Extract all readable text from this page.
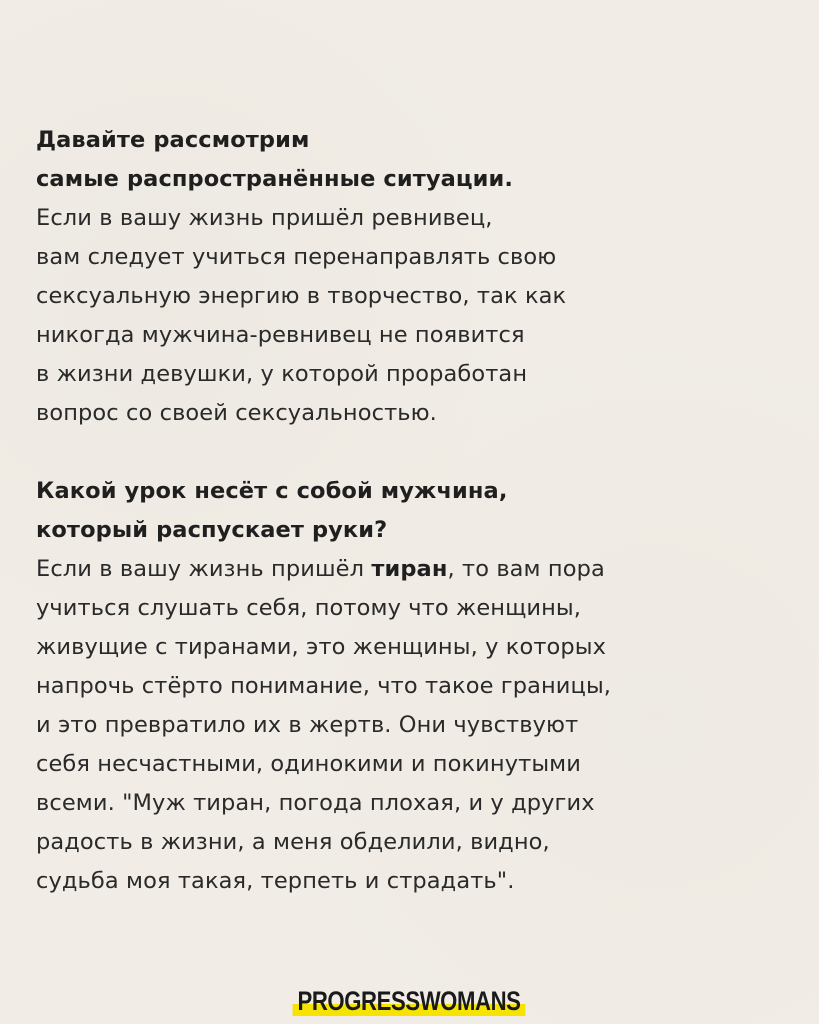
Давайте рассмотрим
самые распространённые ситуации.
Если в вашу жизнь пришёл ревнивец,
вам следует учиться перенаправлять свою
сексуальную энергию в творчество, так как
никогда мужчина-ревнивец не появится
в жизни девушки, у которой проработан
вопрос со своей сексуальностью.
Какой урок несёт с собой мужчина,
который распускает руки?
Если в вашу жизнь пришёл тиран, то вам пора
учиться слушать себя, потому что женщины,
живущие с тиранами, это женщины, у которых
напрочь стёрто понимание, что такое границы,
и это превратило их в жертв. Они чувствуют
себя несчастными, одинокими и покинутыми
всеми. "Муж тиран, погода плохая, и у других
радость в жизни, а меня обделили, видно,
судьба моя такая, терпеть и страдать".
PROGRESSWOMANS
